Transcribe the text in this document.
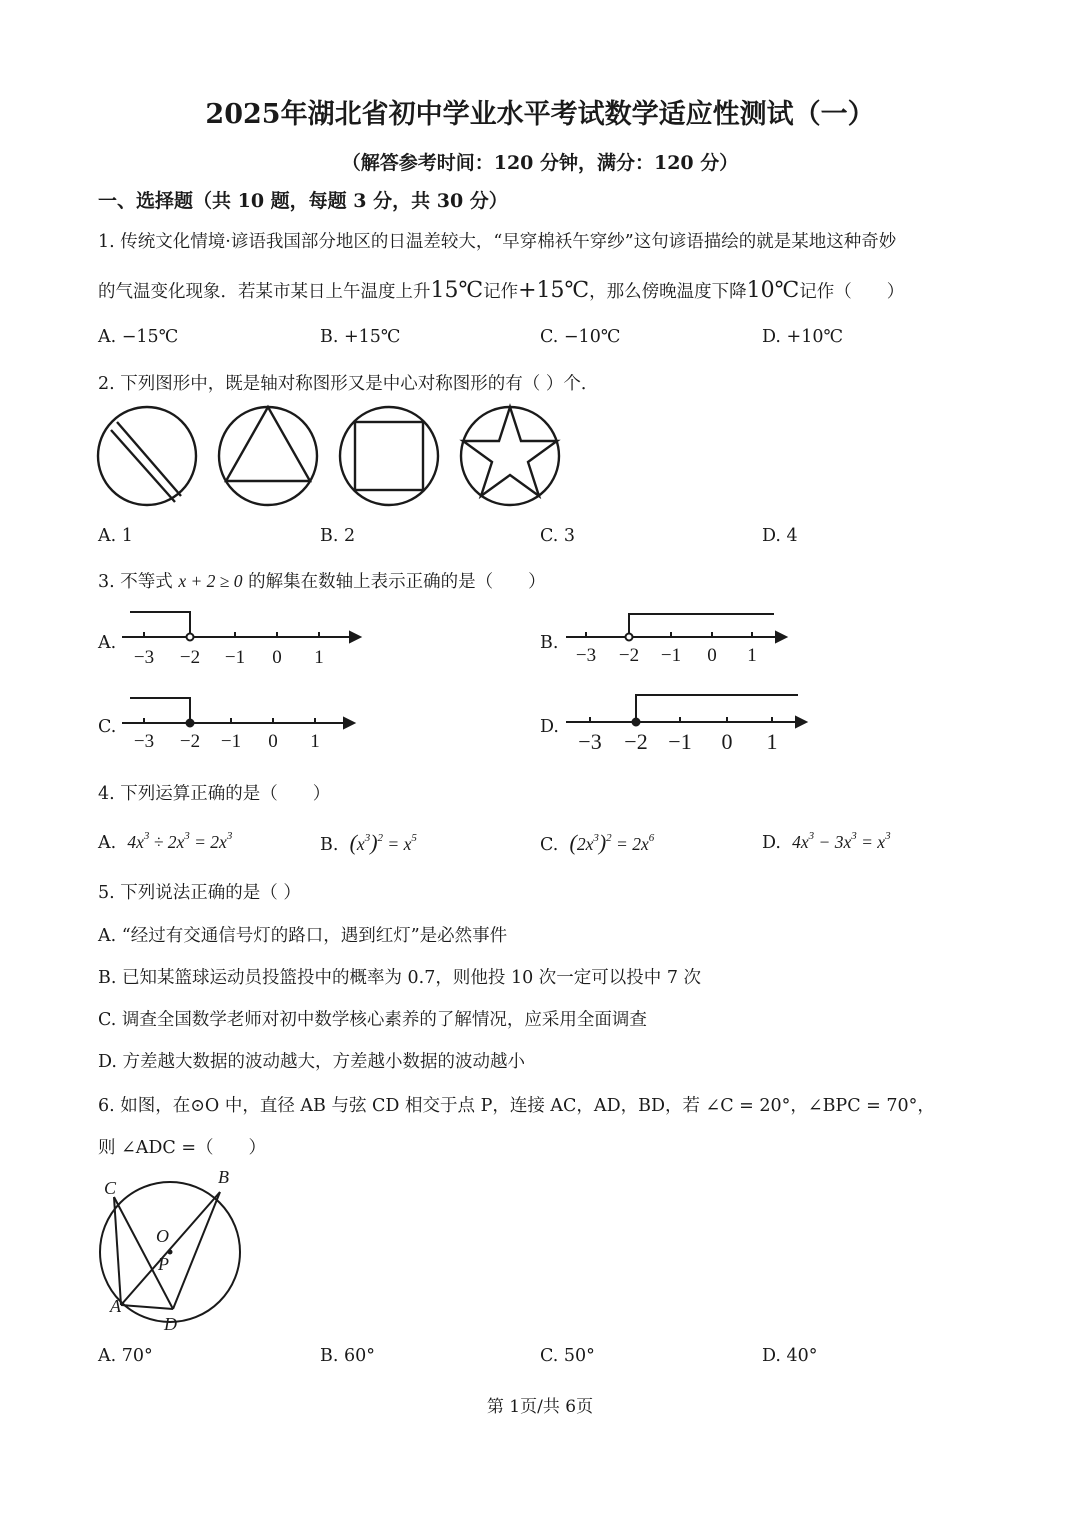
2025年湖北省初中学业水平考试数学适应性测试（一）
（解答参考时间：120 分钟，满分：120 分）
一、选择题（共 10 题，每题 3 分，共 30 分）
1. 传统文化情境·谚语我国部分地区的日温差较大，“早穿棉袄午穿纱”这句谚语描绘的就是某地这种奇妙
的气温变化现象．若某市某日上午温度上升15℃记作+15℃，那么傍晚温度下降10℃记作（　　）
A. −15℃	B. +15℃	C. −10℃	D. +10℃
2. 下列图形中，既是轴对称图形又是中心对称图形的有（ ）个．
A. 1	B. 2	C. 3	D. 4
3. 不等式 x + 2 ≥ 0 的解集在数轴上表示正确的是（　　）
A.
−3 −2 −1 0 1
B.
−3 −2 −1 0 1
C.
−3 −2 −1 0 1
D.
−3 −2 −1 0 1
4. 下列运算正确的是（　　）
A. $4x^3 \div 2x^3 = 2x^3$	B. $(x^3)^2 = x^5$	C. $(2x^3)^2 = 2x^6$	D. $4x^3 - 3x^3 = x^3$
5. 下列说法正确的是（ ）
A. “经过有交通信号灯的路口，遇到红灯”是必然事件
B. 已知某篮球运动员投篮投中的概率为 0.7，则他投 10 次一定可以投中 7 次
C. 调查全国数学老师对初中数学核心素养的了解情况，应采用全面调查
D. 方差越大数据的波动越大，方差越小数据的波动越小
6. 如图，在⊙O 中，直径 AB 与弦 CD 相交于点 P，连接 AC，AD，BD，若 ∠C = 20°，∠BPC = 70°，
则 ∠ADC =（　　）
C
B
O
P
A
D
A. 70°	B. 60°	C. 50°	D. 40°
第 1页/共 6页
